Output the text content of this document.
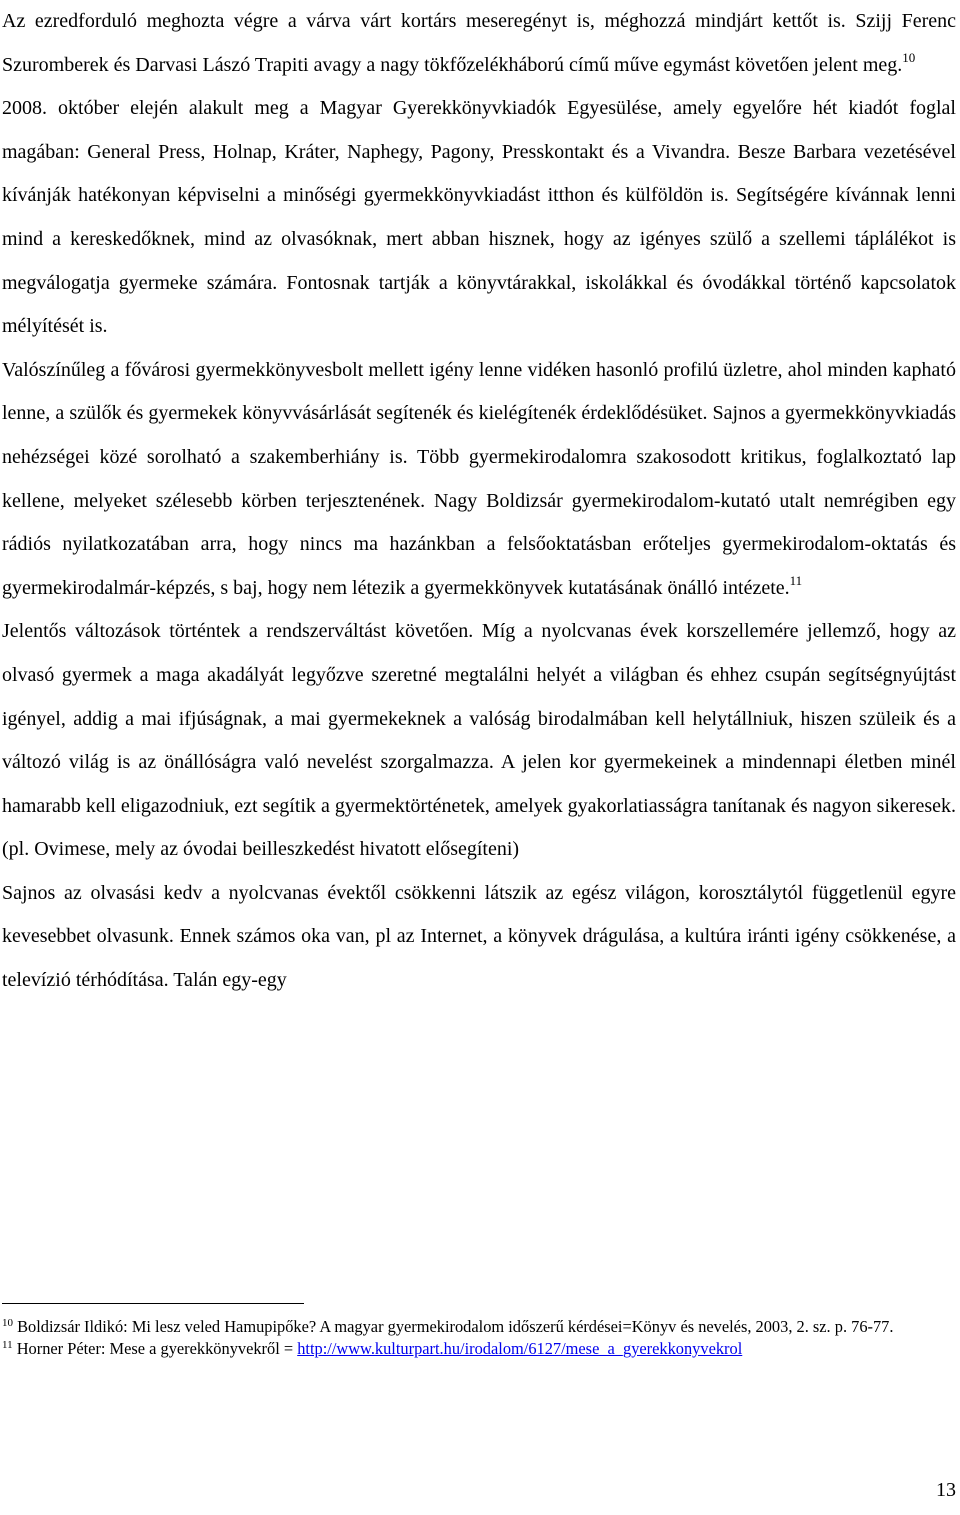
Az ezredforduló meghozta végre a várva várt kortárs meseregényt is, méghozzá mindjárt kettőt is. Szijj Ferenc Szuromberek és Darvasi Lászó Trapiti avagy a nagy tökfőzelékháború című műve egymást követően jelent meg.$^{10}$

2008. október elején alakult meg a Magyar Gyerekkönyvkiadók Egyesülése, amely egyelőre hét kiadót foglal magában: General Press, Holnap, Kráter, Naphegy, Pagony, Presskontakt és a Vivandra. Besze Barbara vezetésével kívánják hatékonyan képviselni a minőségi gyermekkönyvkiadást itthon és külföldön is. Segítségére kívánnak lenni mind a kereskedőknek, mind az olvasóknak, mert abban hisznek, hogy az igényes szülő a szellemi táplálékot is megválogatja gyermeke számára. Fontosnak tartják a könyvtárakkal, iskolákkal és óvodákkal történő kapcsolatok mélyítését is.

Valószínűleg a fővárosi gyermekkönyvesbolt mellett igény lenne vidéken hasonló profilú üzletre, ahol minden kapható lenne, a szülők és gyermekek könyvvásárlását segítenék és kielégítenék érdeklődésüket. Sajnos a gyermekkönyvkiadás nehézségei közé sorolható a szakemberhiány is. Több gyermekirodalomra szakosodott kritikus, foglalkoztató lap kellene, melyeket szélesebb körben terjesztenének. Nagy Boldizsár gyermekirodalom-kutató utalt nemrégiben egy rádiós nyilatkozatában arra, hogy nincs ma hazánkban a felsőoktatásban erőteljes gyermekirodalom-oktatás és gyermekirodalmár-képzés, s baj, hogy nem létezik a gyermekkönyvek kutatásának önálló intézete.$^{11}$

Jelentős változások történtek a rendszerváltást követően. Míg a nyolcvanas évek korszellemére jellemző, hogy az olvasó gyermek a maga akadályát legyőzve szeretné megtalálni helyét a világban és ehhez csupán segítségnyújtást igényel, addig a mai ifjúságnak, a mai gyermekeknek a valóság birodalmában kell helytállniuk, hiszen szüleik és a változó világ is az önállóságra való nevelést szorgalmazza. A jelen kor gyermekeinek a mindennapi életben minél hamarabb kell eligazodniuk, ezt segítik a gyermektörténetek, amelyek gyakorlatiasságra tanítanak és nagyon sikeresek. (pl. Ovimese, mely az óvodai beilleszkedést hivatott elősegíteni)

Sajnos az olvasási kedv a nyolcvanas évektől csökkenni látszik az egész világon, korosztálytól függetlenül egyre kevesebbet olvasunk. Ennek számos oka van, pl az Internet, a könyvek drágulása, a kultúra iránti igény csökkenése, a televízió térhódítása. Talán egy-egy

$^{10}$ Boldizsár Ildikó: Mi lesz veled Hamupipőke? A magyar gyermekirodalom időszerű kérdései=Könyv és nevelés, 2003, 2. sz. p. 76-77.

$^{11}$ Horner Péter: Mese a gyerekkönyvekről = http://www.kulturpart.hu/irodalom/6127/mese_a_gyerekkonyvekrol

13
